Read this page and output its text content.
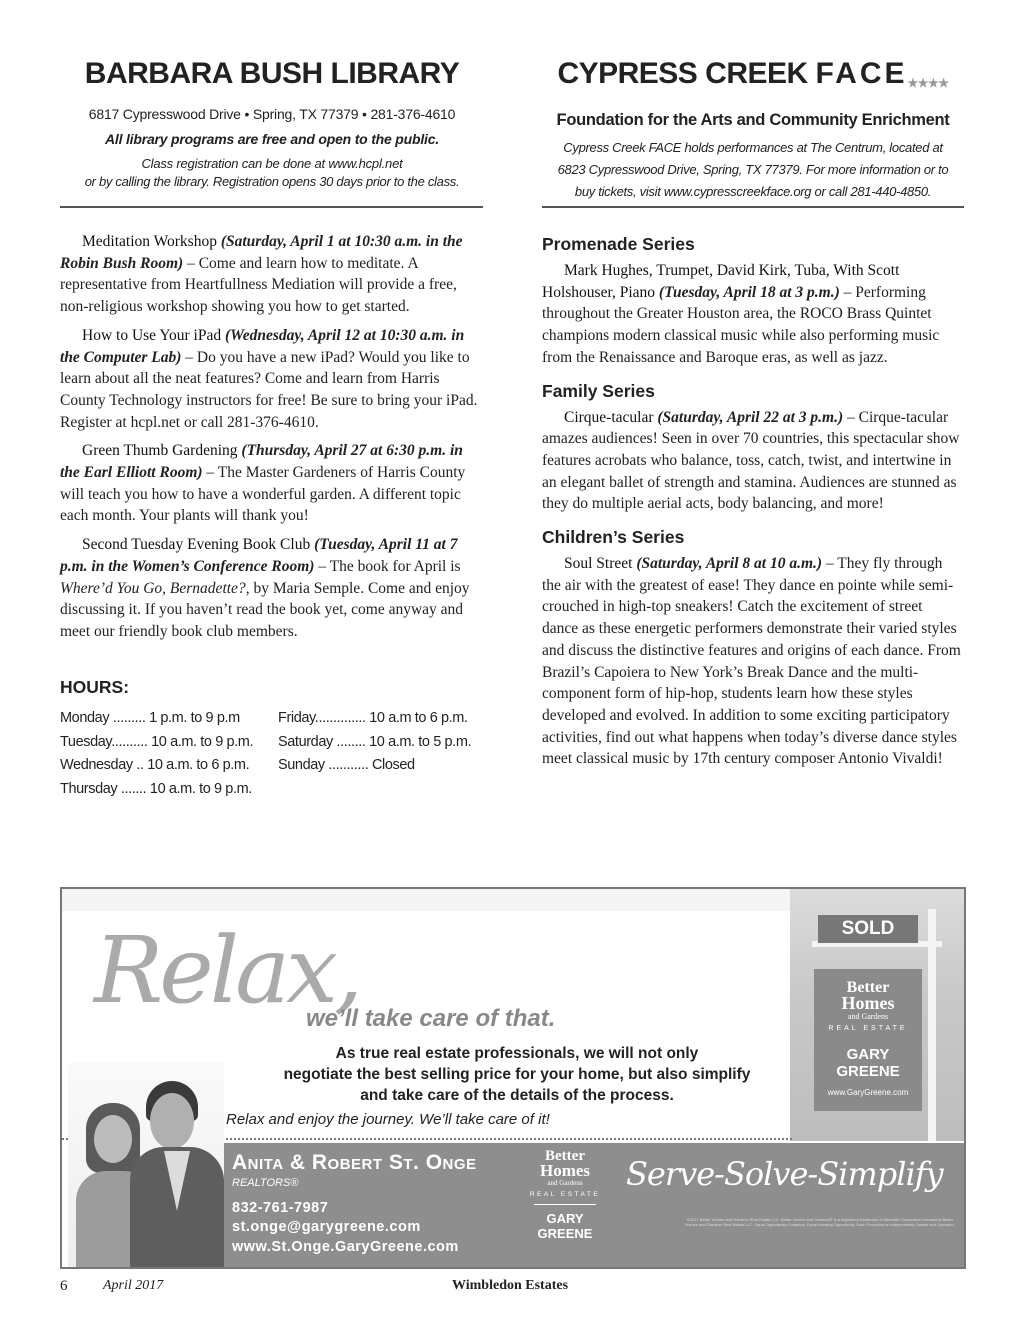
BARBARA BUSH LIBRARY
6817 Cypresswood Drive • Spring, TX 77379 • 281-376-4610
All library programs are free and open to the public.
Class registration can be done at www.hcpl.net
or by calling the library. Registration opens 30 days prior to the class.

Meditation Workshop (Saturday, April 1 at 10:30 a.m. in the Robin Bush Room) – Come and learn how to meditate. A representative from Heartfullness Mediation will provide a free, non-religious workshop showing you how to get started.

How to Use Your iPad (Wednesday, April 12 at 10:30 a.m. in the Computer Lab) – Do you have a new iPad? Would you like to learn about all the neat features? Come and learn from Harris County Technology instructors for free! Be sure to bring your iPad. Register at hcpl.net or call 281-376-4610.

Green Thumb Gardening (Thursday, April 27 at 6:30 p.m. in the Earl Elliott Room) – The Master Gardeners of Harris County will teach you how to have a wonderful garden. A different topic each month. Your plants will thank you!

Second Tuesday Evening Book Club (Tuesday, April 11 at 7 p.m. in the Women’s Conference Room) – The book for April is Where’d You Go, Bernadette?, by Maria Semple. Come and enjoy discussing it. If you haven’t read the book yet, come anyway and meet our friendly book club members.

HOURS:
Monday ......... 1 p.m. to 9 p.m	Friday.............. 10 a.m to 6 p.m.
Tuesday.......... 10 a.m. to 9 p.m.	Saturday ........ 10 a.m. to 5 p.m.
Wednesday .. 10 a.m. to 6 p.m.	Sunday ........... Closed
Thursday ....... 10 a.m. to 9 p.m.	
CYPRESS CREEK FACE★★★★
Foundation for the Arts and Community Enrichment
Cypress Creek FACE holds performances at The Centrum, located at 6823 Cypresswood Drive, Spring, TX 77379. For more information or to buy tickets, visit www.cypresscreekface.org or call 281-440-4850.
Promenade Series

Mark Hughes, Trumpet, David Kirk, Tuba, With Scott Holshouser, Piano (Tuesday, April 18 at 3 p.m.) – Performing throughout the Greater Houston area, the ROCO Brass Quintet champions modern classical music while also performing music from the Renaissance and Baroque eras, as well as jazz.

Family Series

Cirque-tacular (Saturday, April 22 at 3 p.m.) – Cirque-tacular amazes audiences! Seen in over 70 countries, this spectacular show features acrobats who balance, toss, catch, twist, and intertwine in an elegant ballet of strength and stamina. Audiences are stunned as they do multiple aerial acts, body balancing, and more!

Children’s Series

Soul Street (Saturday, April 8 at 10 a.m.) – They fly through the air with the greatest of ease! They dance en pointe while semi-crouched in high-top sneakers! Catch the excitement of street dance as these energetic performers demonstrate their varied styles and discuss the distinctive features and origins of each dance. From Brazil’s Capoiera to New York’s Break Dance and the multi-component form of hip-hop, students learn how these styles developed and evolved. In addition to some exciting participatory activities, find out what happens when today’s diverse dance styles meet classical music by 17th century composer Antonio Vivaldi!

SOLD
Better
Homes
and Gardens
REAL ESTATE
GARY
GREENE
www.GaryGreene.com
Relax,
we’ll take care of that.
As true real estate professionals, we will not only
negotiate the best selling price for your home, but also simplify
and take care of the details of the process.
Relax and enjoy the journey. We’ll take care of it!
Anita & Robert St. Onge
REALTORS®
832-761-7987
st.onge@garygreene.com
www.St.Onge.GaryGreene.com
Better
Homes
and Gardens
REAL ESTATE
GARY
GREENE
Serve-Solve-Simplify
©2017 Better Homes and Gardens Real Estate LLC. Better Homes and Gardens® is a registered trademark of Meredith Corporation licensed to Better Homes and Gardens Real Estate LLC. Equal Opportunity Company. Equal Housing Opportunity. Each Franchise is Independently Owned and Operated.
6	April 2017	Wimbledon Estates
